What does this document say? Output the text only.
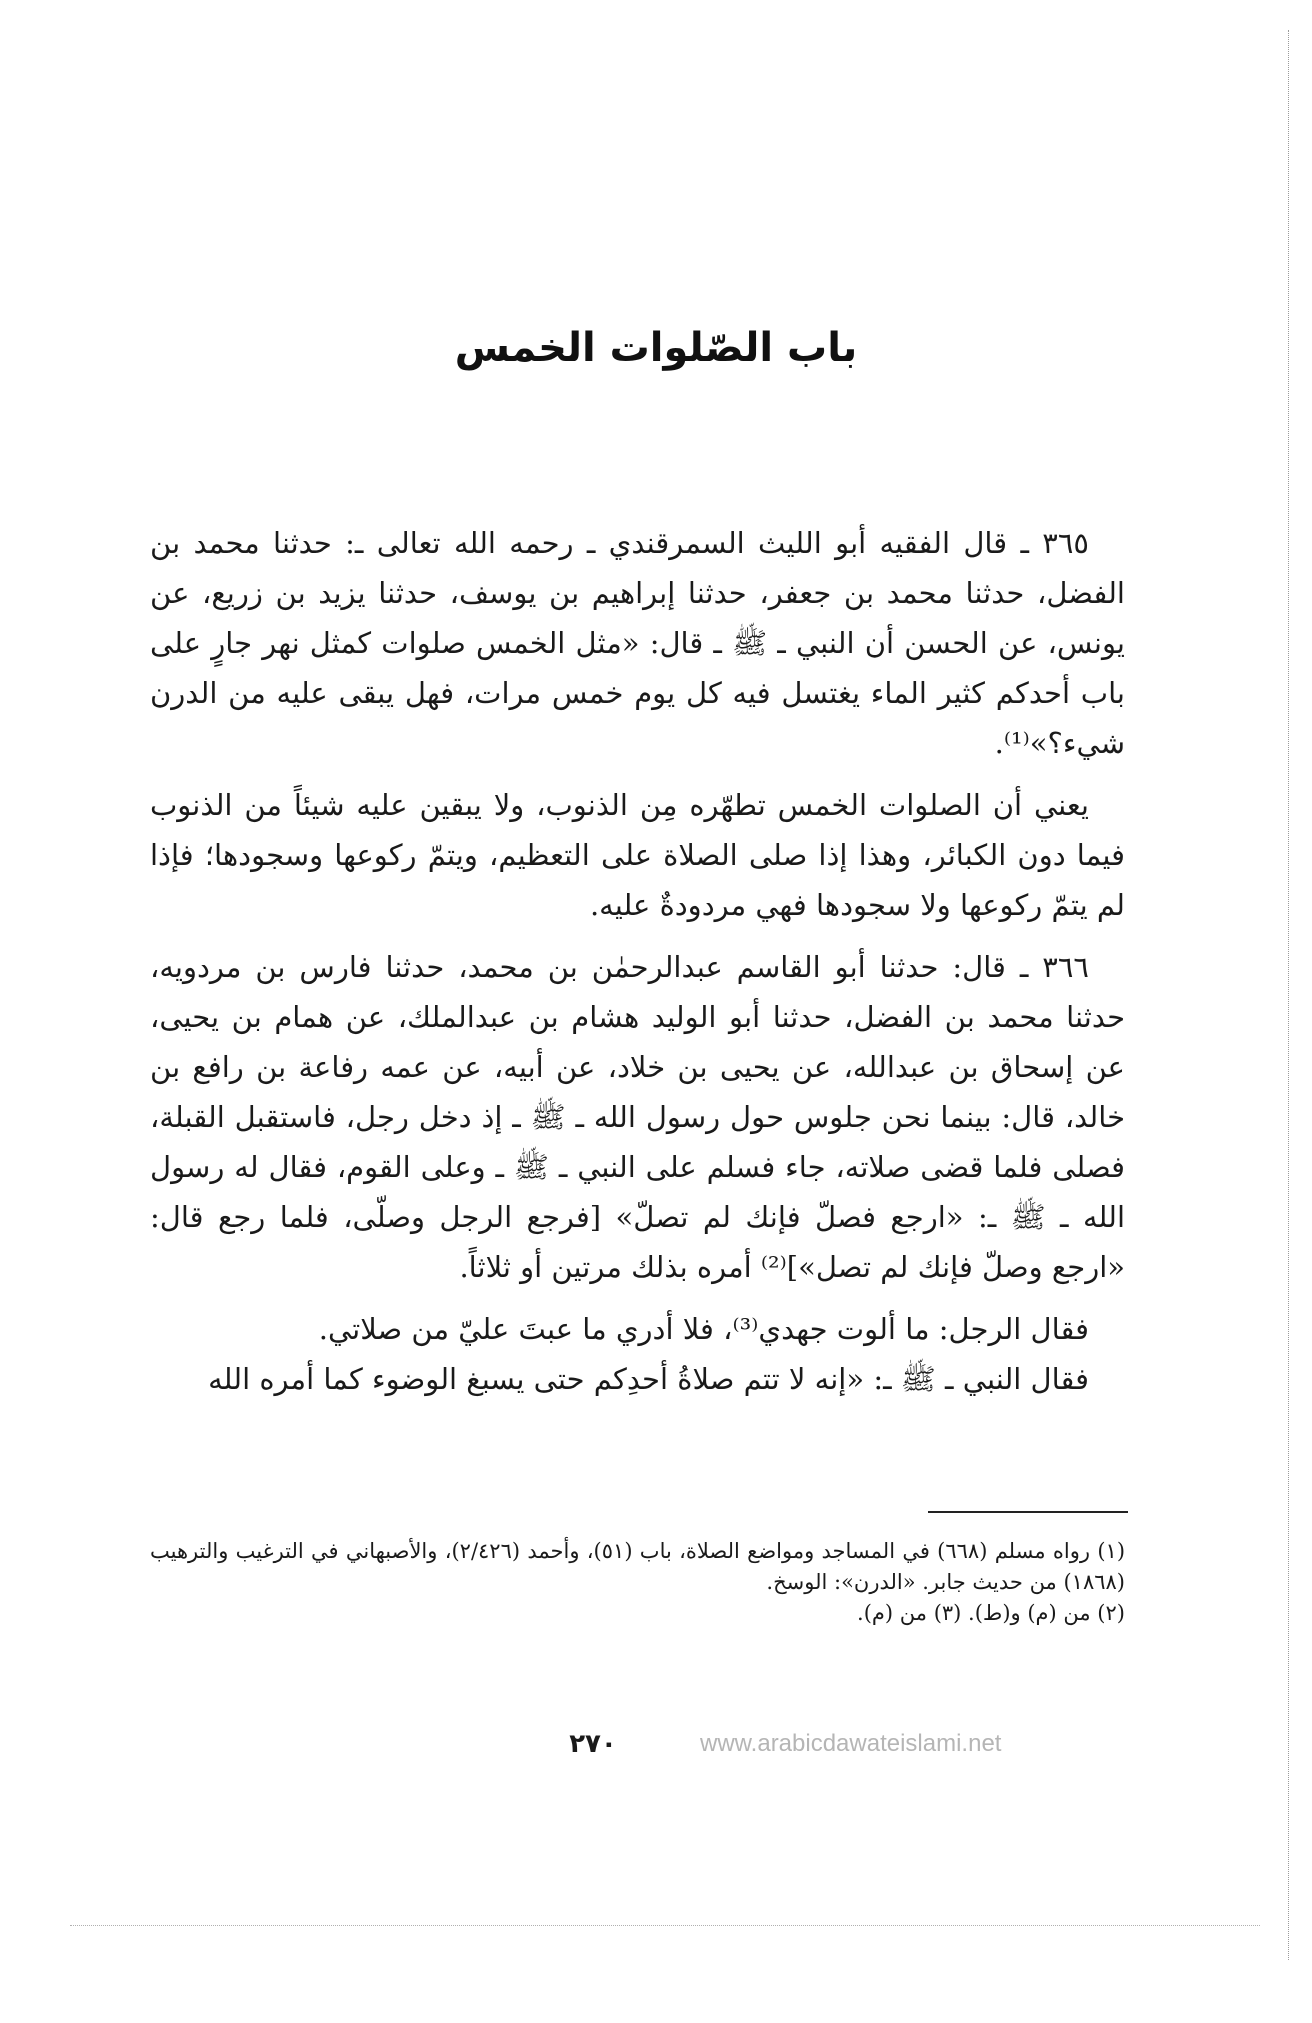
باب الصّلوات الخمس

٣٦٥ ـ قال الفقيه أبو الليث السمرقندي ـ رحمه الله تعالى ـ: حدثنا محمد بن الفضل، حدثنا محمد بن جعفر، حدثنا إبراهيم بن يوسف، حدثنا يزيد بن زريع، عن يونس، عن الحسن أن النبي ـ ﷺ ـ قال: «مثل الخمس صلوات كمثل نهر جارٍ على باب أحدكم كثير الماء يغتسل فيه كل يوم خمس مرات، فهل يبقى عليه من الدرن شيء؟»⁽¹⁾.

يعني أن الصلوات الخمس تطهّره مِن الذنوب، ولا يبقين عليه شيئاً من الذنوب فيما دون الكبائر، وهذا إذا صلى الصلاة على التعظيم، ويتمّ ركوعها وسجودها؛ فإذا لم يتمّ ركوعها ولا سجودها فهي مردودةٌ عليه.

٣٦٦ ـ قال: حدثنا أبو القاسم عبدالرحمٰن بن محمد، حدثنا فارس بن مردويه، حدثنا محمد بن الفضل، حدثنا أبو الوليد هشام بن عبدالملك، عن همام بن يحيى، عن إسحاق بن عبدالله، عن يحيى بن خلاد، عن أبيه، عن عمه رفاعة بن رافع بن خالد، قال: بينما نحن جلوس حول رسول الله ـ ﷺ ـ إذ دخل رجل، فاستقبل القبلة، فصلى فلما قضى صلاته، جاء فسلم على النبي ـ ﷺ ـ وعلى القوم، فقال له رسول الله ـ ﷺ ـ: «ارجع فصلّ فإنك لم تصلّ» [فرجع الرجل وصلّى، فلما رجع قال: «ارجع وصلّ فإنك لم تصل»]⁽²⁾ أمره بذلك مرتين أو ثلاثاً.

فقال الرجل: ما ألوت جهدي⁽³⁾، فلا أدري ما عبتَ عليّ من صلاتي.

فقال النبي ـ ﷺ ـ: «إنه لا تتم صلاةُ أحدِكم حتى يسبغ الوضوء كما أمره الله

(١) رواه مسلم (٦٦٨) في المساجد ومواضع الصلاة، باب (٥١)، وأحمد (٢/٤٢٦)، والأصبهاني في الترغيب والترهيب (١٨٦٨) من حديث جابر. «الدرن»: الوسخ.

(٢) من (م) و(ط). (٣) من (م).

٢٧٠	www.arabicdawateislami.net
